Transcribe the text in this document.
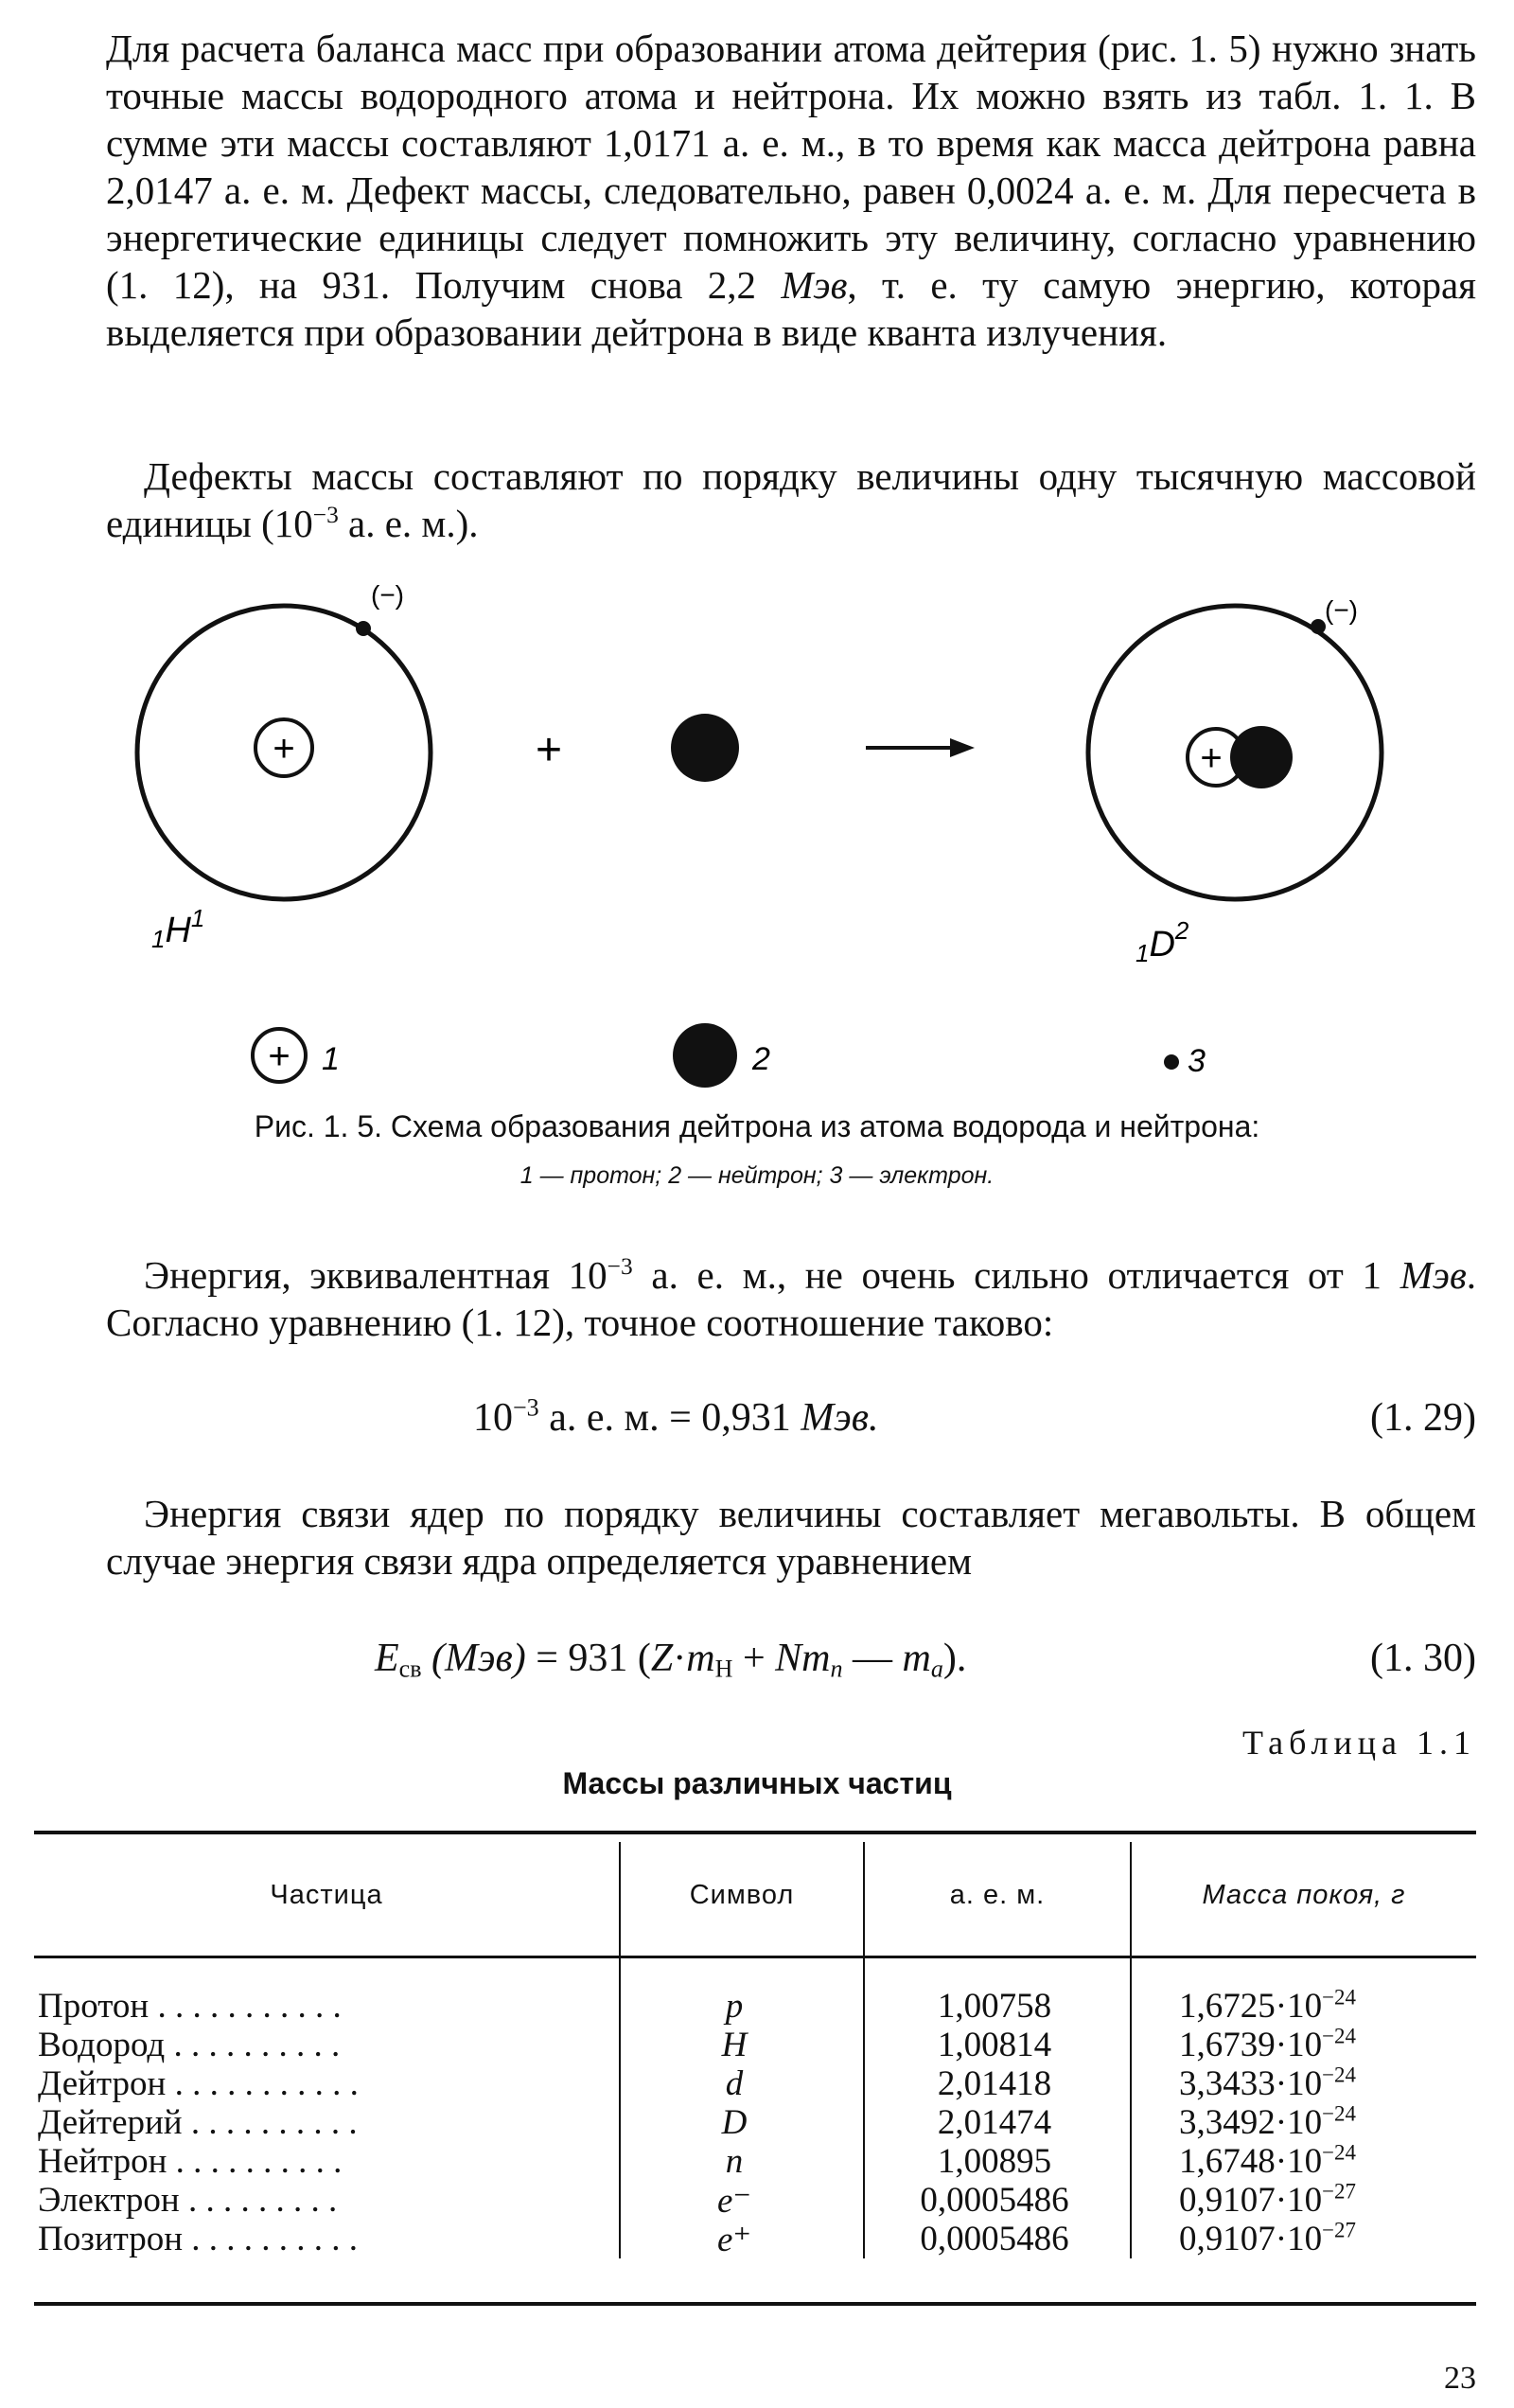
Для расчета баланса масс при образовании атома дейтерия (рис. 1. 5) нужно знать точные массы водородного атома и нейтрона. Их можно взять из табл. 1. 1. В сумме эти массы составляют 1,0171 а. е. м., в то время как масса дейтрона равна 2,0147 а. е. м. Дефект массы, следовательно, равен 0,0024 а. е. м. Для пересчета в энергетические единицы следует помножить эту величину, согласно уравнению (1. 12), на 931. Получим снова 2,2 Мэв, т. е. ту самую энергию, которая выделяется при образовании дейтрона в виде кванта излучения.

Дефекты массы составляют по порядку величины одну тысячную массовой единицы ($10^{-3}$ а. е. м.).

(−)
+
$1H^1$
+
(−)
+
$1D^2$
+ 1	2	3
Рис. 1. 5. Схема образования дейтрона из атома водорода и нейтрона:
1 — протон; 2 — нейтрон; 3 — электрон.

Энергия, эквивалентная $10^{-3}$ а. е. м., не очень сильно отличается от 1 Мэв. Согласно уравнению (1. 12), точное соотношение таково:

$10^{-3}$ а. е. м. = 0,931 Мэв.	(1. 29)

Энергия связи ядер по порядку величины составляет мегавольты. В общем случае энергия связи ядра определяется уравнением

$E_{св}$ (Мэв) = 931 ($Z\cdot m_H + Nm_n$ — $m_a$).	(1. 30)
Таблица 1.1
Массы различных частиц
Частица	Символ	а. е. м.	Масса покоя, г
Протон . . . . . . . . . . .	p	1,00758	$1,6725\cdot 10^{-24}$
Водород . . . . . . . . . .	H	1,00814	$1,6739\cdot 10^{-24}$
Дейтрон . . . . . . . . . . .	d	2,01418	$3,3433\cdot 10^{-24}$
Дейтерий . . . . . . . . . .	D	2,01474	$3,3492\cdot 10^{-24}$
Нейтрон . . . . . . . . . .	n	1,00895	$1,6748\cdot 10^{-24}$
Электрон . . . . . . . . .	e⁻	0,0005486	$0,9107\cdot 10^{-27}$
Позитрон . . . . . . . . . .	e⁺	0,0005486	$0,9107\cdot 10^{-27}$
23
